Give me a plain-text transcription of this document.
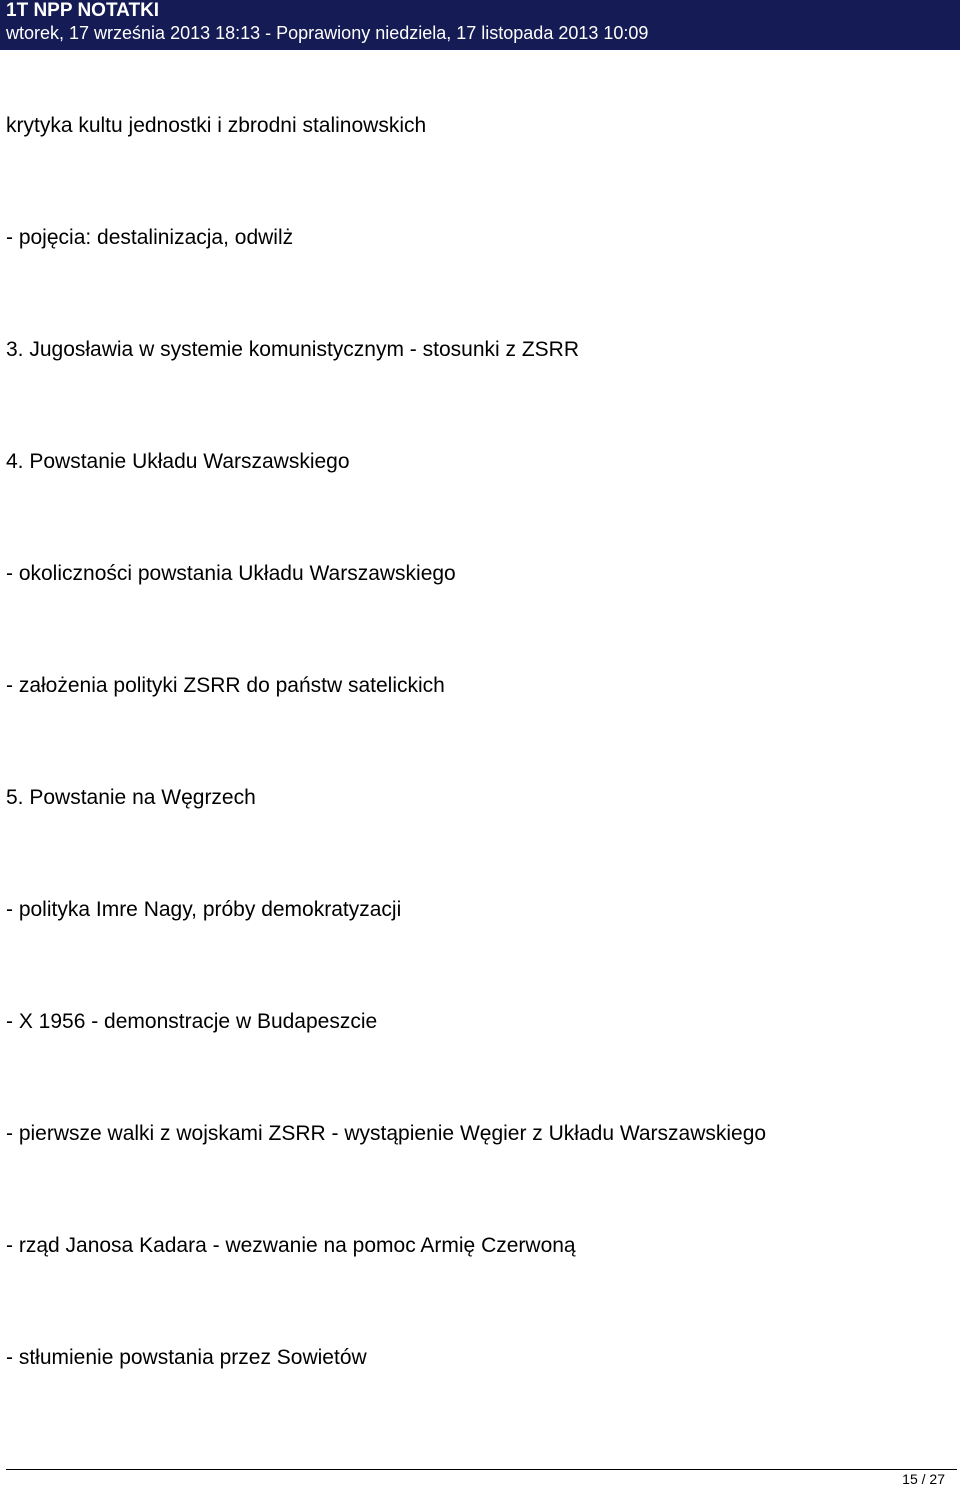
1T NPP NOTATKI
wtorek, 17 września 2013 18:13 - Poprawiony niedziela, 17 listopada 2013 10:09
krytyka kultu jednostki i zbrodni stalinowskich
- pojęcia: destalinizacja, odwilż
3. Jugosławia w systemie komunistycznym - stosunki z ZSRR
4. Powstanie Układu Warszawskiego
- okoliczności powstania Układu Warszawskiego
- założenia polityki ZSRR do państw satelickich
5. Powstanie na Węgrzech
- polityka Imre Nagy, próby demokratyzacji
- X 1956 - demonstracje w Budapeszcie
- pierwsze walki z wojskami ZSRR - wystąpienie Węgier z Układu Warszawskiego
- rząd Janosa Kadara - wezwanie na pomoc Armię Czerwoną
- stłumienie powstania przez Sowietów
15 / 27
